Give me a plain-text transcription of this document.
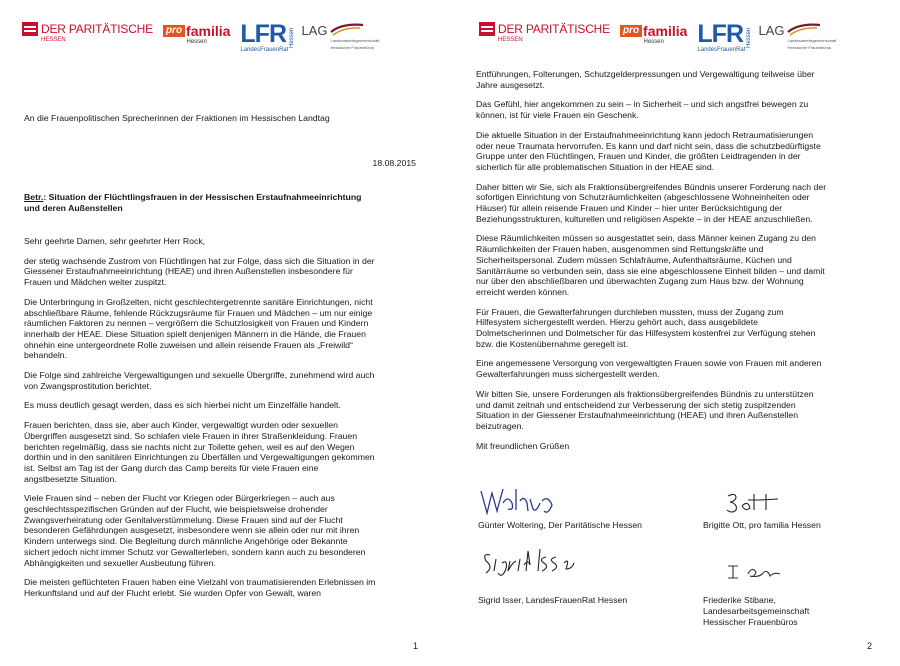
DER PARITÄTISCHE
HESSEN
pro familia
Hessen LFR
LandesFrauenRat
Hessen LAG
Landesarbeitsgemeinschaft
Hessischer Frauenbüros
An die Frauenpolitischen Sprecherinnen der Fraktionen im Hessischen Landtag
18.08.2015
Betr.: Situation der Flüchtlingsfrauen in der Hessischen Erstaufnahmeeinrichtung
und deren Außenstellen

Sehr geehrte Damen, sehr geehrter Herr Rock,

der stetig wachsende Zustrom von Flüchtlingen hat zur Folge, dass sich die Situation in der
Giessener Erstaufnahmeeinrichtung (HEAE) und ihren Außenstellen insbesondere für
Frauen und Mädchen weiter zuspitzt.

Die Unterbringung in Großzelten, nicht geschlechtergetrennte sanitäre Einrichtungen, nicht
abschließbare Räume, fehlende Rückzugsräume für Frauen und Mädchen – um nur einige
räumlichen Faktoren zu nennen – vergrößern die Schutzlosigkeit von Frauen und Kindern
innerhalb der HEAE. Diese Situation spielt denjenigen Männern in die Hände, die Frauen
ohnehin eine untergeordnete Rolle zuweisen und allein reisende Frauen als „Freiwild“
behandeln.

Die Folge sind zahlreiche Vergewaltigungen und sexuelle Übergriffe, zunehmend wird auch
von Zwangsprostitution berichtet.

Es muss deutlich gesagt werden, dass es sich hierbei nicht um Einzelfälle handelt.

Frauen berichten, dass sie, aber auch Kinder, vergewaltigt wurden oder sexuellen
Übergriffen ausgesetzt sind. So schlafen viele Frauen in ihrer Straßenkleidung. Frauen
berichten regelmäßig, dass sie nachts nicht zur Toilette gehen, weil es auf den Wegen
dorthin und in den sanitären Einrichtungen zu Überfällen und Vergewaltigungen gekommen
ist. Selbst am Tag ist der Gang durch das Camp bereits für viele Frauen eine
angstbesetzte Situation.

Viele Frauen sind – neben der Flucht vor Kriegen oder Bürgerkriegen – auch aus
geschlechtsspezifischen Gründen auf der Flucht, wie beispielsweise drohender
Zwangsverheiratung oder Genitalverstümmelung. Diese Frauen sind auf der Flucht
besonderen Gefährdungen ausgesetzt, insbesondere wenn sie allein oder nur mit ihren
Kindern unterwegs sind. Die Begleitung durch männliche Angehörige oder Bekannte
sichert jedoch nicht immer Schutz vor Gewalterleben, sondern kann auch zu besonderen
Abhängigkeiten und sexueller Ausbeutung führen.

Die meisten geflüchteten Frauen haben eine Vielzahl von traumatisierenden Erlebnissen im
Herkunftsland und auf der Flucht erlebt. Sie wurden Opfer von Gewalt, waren

1
DER PARITÄTISCHE
HESSEN
pro familia
Hessen LFR
LandesFrauenRat
Hessen LAG
Landesarbeitsgemeinschaft
Hessischer Frauenbüros

Entführungen, Folterungen, Schutzgelderpressungen und Vergewaltigung teilweise über
Jahre ausgesetzt.

Das Gefühl, hier angekommen zu sein – in Sicherheit – und sich angstfrei bewegen zu
können, ist für viele Frauen ein Geschenk.

Die aktuelle Situation in der Erstaufnahmeeinrichtung kann jedoch Retraumatisierungen
oder neue Traumata hervorrufen. Es kann und darf nicht sein, dass die schutzbedürftigste
Gruppe unter den Flüchtlingen, Frauen und Kinder, die größten Leidtragenden in der
sicherlich für alle problematischen Situation in der HEAE sind.

Daher bitten wir Sie, sich als Fraktionsübergreifendes Bündnis unserer Forderung nach der
sofortigen Einrichtung von Schutzräumlichkeiten (abgeschlossene Wohneinheiten oder
Häuser) für allein reisende Frauen und Kinder – hier unter Berücksichtigung der
Beziehungsstrukturen, kulturellen und religiösen Aspekte – in der HEAE anzuschließen.

Diese Räumlichkeiten müssen so ausgestattet sein, dass Männer keinen Zugang zu den
Räumlichkeiten der Frauen haben, ausgenommen sind Rettungskräfte und
Sicherheitspersonal. Zudem müssen Schlafräume, Aufenthaltsräume, Küchen und
Sanitärräume so verbunden sein, dass sie eine abgeschlossene Einheit bilden – und damit
nur über den abschließbaren und überwachten Zugang zum Haus bzw. der Wohnung
erreicht werden können.

Für Frauen, die Gewalterfahrungen durchleben mussten, muss der Zugang zum
Hilfesystem sichergestellt werden. Hierzu gehört auch, dass ausgebildete
Dolmetscherinnen und Dolmetscher für das Hilfesystem kostenfrei zur Verfügung stehen
bzw. die Kostenübernahme geregelt ist.

Eine angemessene Versorgung von vergewaltigten Frauen sowie von Frauen mit anderen
Gewalterfahrungen muss sichergestellt werden.

Wir bitten Sie, unsere Forderungen als fraktionsübergreifendes Bündnis zu unterstützen
und damit zeitnah und entscheidend zur Verbesserung der sich stetig zuspitzenden
Situation in der Giessener Erstaufnahmeeinrichtung (HEAE) und ihren Außenstellen
beizutragen.

Mit freundlichen Grüßen

Günter Woltering, Der Paritätische Hessen	Brigitte Ott, pro familia Hessen
Sigrid Isser, LandesFrauenRat Hessen	Friederike Stibane,
Landesarbeitsgemeinschaft
Hessischer Frauenbüros
2
